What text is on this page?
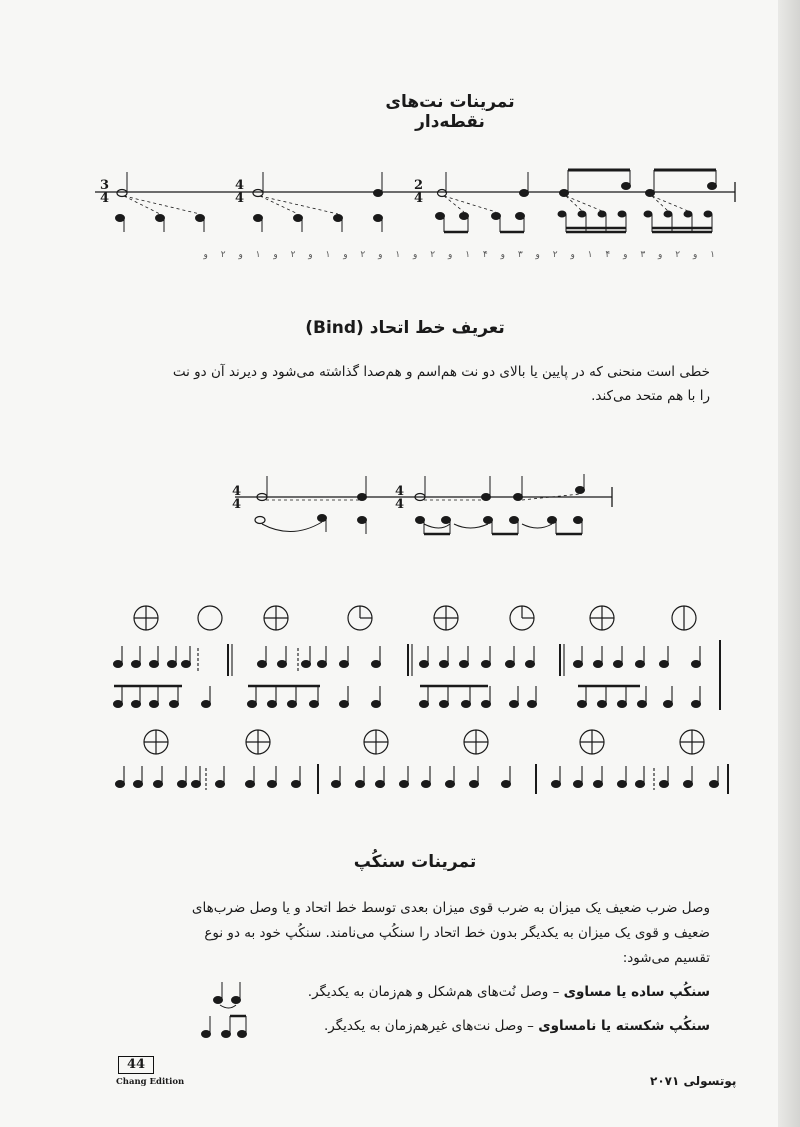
تمرینات نت‌های نقطه‌دار
تعریف خط اتحاد (Bind)
تمرینات سنکُپ
خطی است منحنی که در پایین یا بالای دو نت هم‌اسم و هم‌صدا گذاشته می‌شود و دیرند آن دو نت
را با هم متحد می‌کند.
وصل ضرب ضعیف یک میزان به ضرب قوی میزان بعدی توسط خط اتحاد و یا وصل ضرب‌های
ضعیف و قوی یک میزان به یکدیگر بدون خط اتحاد را سنکُپ می‌نامند. سنکُپ خود به دو نوع
تقسیم می‌شود:
سنکُپ ساده یا مساوی – وصل نُت‌های هم‌شکل و هم‌زمان به یکدیگر.
سنکُپ شکسته یا نامساوی – وصل نت‌های غیرهم‌زمان به یکدیگر.
۱ و ۲ و ۳ و ۴ ۱ و ۲ و ۳ و ۴ ۱ و ۲ و ۱ و ۲ و ۱ و ۲ و ۱ و ۲ و
3 4
4 4
2 4
4 4
4 4
44
Chang Edition	پوتسولی ۲۰۷۱
